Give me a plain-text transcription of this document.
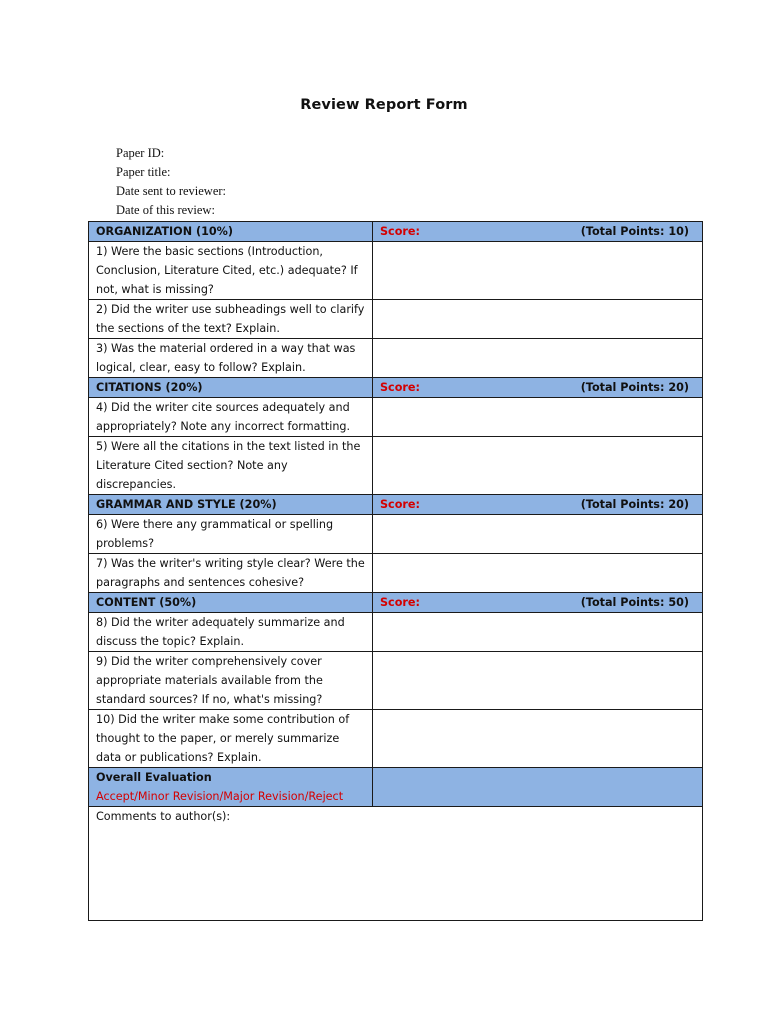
Review Report Form
Paper ID:
Paper title:
Date sent to reviewer:
Date of this review:
ORGANIZATION (10%)	Score: (Total Points: 10)

1) Were the basic sections (Introduction, Conclusion, Literature Cited, etc.) adequate? If not, what is missing?	
2) Did the writer use subheadings well to clarify the sections of the text? Explain.	
3) Was the material ordered in a way that was logical, clear, easy to follow? Explain.	
CITATIONS (20%)	Score: (Total Points: 20)

4) Did the writer cite sources adequately and appropriately? Note any incorrect formatting.	
5) Were all the citations in the text listed in the Literature Cited section? Note any discrepancies.	
GRAMMAR AND STYLE (20%)	Score: (Total Points: 20)

6) Were there any grammatical or spelling problems?	
7) Was the writer's writing style clear? Were the paragraphs and sentences cohesive?	
CONTENT (50%)	Score: (Total Points: 50)

8) Did the writer adequately summarize and discuss the topic? Explain.	
9) Did the writer comprehensively cover appropriate materials available from the standard sources? If no, what's missing?	
10) Did the writer make some contribution of thought to the paper, or merely summarize data or publications? Explain.	

Overall Evaluation
Accept/Minor Revision/Major Revision/Reject	

Comments to author(s):	
